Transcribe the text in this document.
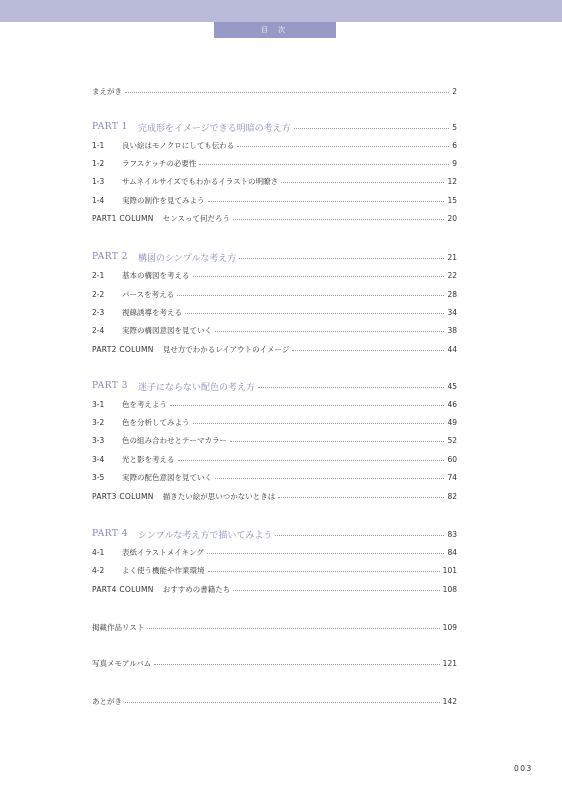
目 次
まえがき	2
PART 1 完成形をイメージできる明暗の考え方	5
1-1	良い絵はモノクロにしても伝わる	6
1-2	ラフスケッチの必要性	9
1-3	サムネイルサイズでもわかるイラストの明瞭さ	12
1-4	実際の制作を見てみよう	15
PART1 COLUMN センスって何だろう	20
PART 2 構図のシンプルな考え方	21
2-1	基本の構図を考える	22
2-2	パースを考える	28
2-3	視線誘導を考える	34
2-4	実際の構図意図を見ていく	38
PART2 COLUMN 見せ方でわかるレイアウトのイメージ	44
PART 3 迷子にならない配色の考え方	45
3-1	色を考えよう	46
3-2	色を分析してみよう	49
3-3	色の組み合わせとテーマカラー	52
3-4	光と影を考える	60
3-5	実際の配色意図を見ていく	74
PART3 COLUMN 描きたい絵が思いつかないときは	82
PART 4 シンプルな考え方で描いてみよう	83
4-1	表紙イラストメイキング	84
4-2	よく使う機能や作業環境	101
PART4 COLUMN おすすめの書籍たち	108
掲載作品リスト	109
写真メモアルバム	121
あとがき	142
003
